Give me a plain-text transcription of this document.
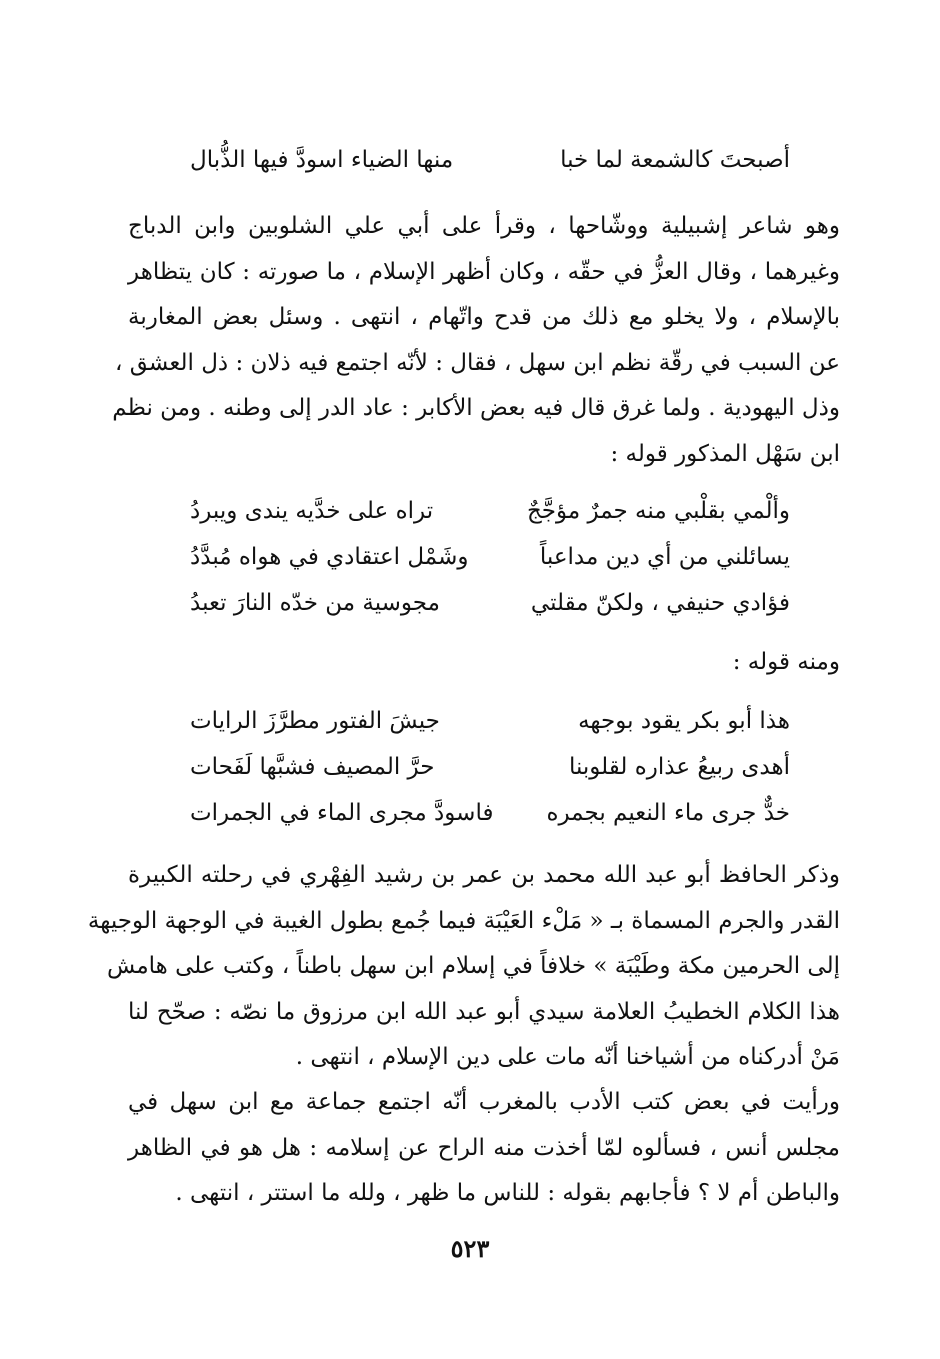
أصبحتَ كالشمعة لما خبا
منها الضياء اسودَّ فيها الذُّبال
وهو شاعر إشبيلية ووشّاحها ، وقرأ على أبي علي الشلوبين وابن الدباج
وغيرهما ، وقال العزُّ في حقّه ، وكان أظهر الإسلام ، ما صورته : كان يتظاهر
بالإسلام ، ولا يخلو مع ذلك من قدح واتّهام ، انتهى . وسئل بعض المغاربة
عن السبب في رقّة نظم ابن سهل ، فقال : لأنّه اجتمع فيه ذلان : ذل العشق ،
وذل اليهودية . ولما غرق قال فيه بعض الأكابر : عاد الدر إلى وطنه . ومن نظم
ابن سَهْل المذكور قوله :
وألْمي بقلْبي منه جمرٌ مؤجَّجٌ
تراه على خدَّيه يندى ويبردُ
يسائلني من أي دين مداعباً
وشَمْل اعتقادي في هواه مُبدَّدُ
فؤادي حنيفي ، ولكنّ مقلتي
مجوسية من خدّه النارَ تعبدُ
ومنه قوله :
هذا أبو بكر يقود بوجهه
جيشَ الفتور مطرَّزَ الرايات
أهدى ربيعُ عذاره لقلوبنا
حرَّ المصيف فشبَّها لَفَحات
خدٌّ جرى ماء النعيم بجمره
فاسودَّ مجرى الماء في الجمرات
وذكر الحافظ أبو عبد الله محمد بن عمر بن رشيد الفِهْري في رحلته الكبيرة
القدر والجرم المسماة بـ « مَلْء العَيْبَة فيما جُمع بطول الغيبة في الوجهة الوجيهة
إلى الحرمين مكة وطَيْبَة » خلافاً في إسلام ابن سهل باطناً ، وكتب على هامش
هذا الكلام الخطيبُ العلامة سيدي أبو عبد الله ابن مرزوق ما نصّه : صحّح لنا
مَنْ أدركناه من أشياخنا أنّه مات على دين الإسلام ، انتهى .
ورأيت في بعض كتب الأدب بالمغرب أنّه اجتمع جماعة مع ابن سهل في
مجلس أنس ، فسألوه لمّا أخذت منه الراح عن إسلامه : هل هو في الظاهر
والباطن أم لا ؟ فأجابهم بقوله : للناس ما ظهر ، ولله ما استتر ، انتهى .
٥٢٣
